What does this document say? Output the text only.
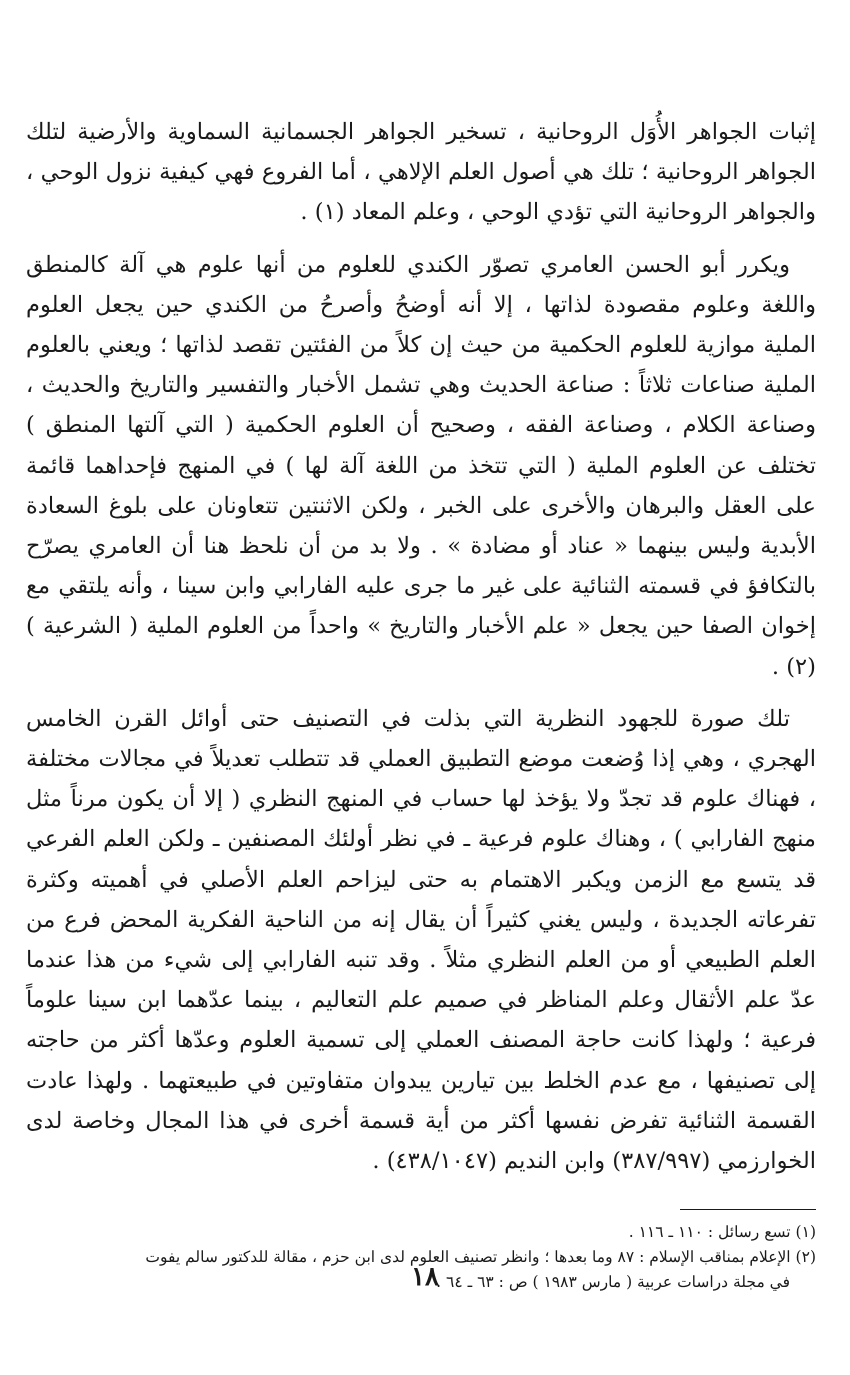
إثبات الجواهر الأُوَل الروحانية ، تسخير الجواهر الجسمانية السماوية والأرضية لتلك الجواهر الروحانية ؛ تلك هي أصول العلم الإلاهي ، أما الفروع فهي كيفية نزول الوحي ، والجواهر الروحانية التي تؤدي الوحي ، وعلم المعاد (١) .

ويكرر أبو الحسن العامري تصوّر الكندي للعلوم من أنها علوم هي آلة كالمنطق واللغة وعلوم مقصودة لذاتها ، إلا أنه أوضحُ وأصرحُ من الكندي حين يجعل العلوم الملية موازية للعلوم الحكمية من حيث إن كلاً من الفئتين تقصد لذاتها ؛ ويعني بالعلوم الملية صناعات ثلاثاً : صناعة الحديث وهي تشمل الأخبار والتفسير والتاريخ والحديث ، وصناعة الكلام ، وصناعة الفقه ، وصحيح أن العلوم الحكمية ( التي آلتها المنطق ) تختلف عن العلوم الملية ( التي تتخذ من اللغة آلة لها ) في المنهج فإحداهما قائمة على العقل والبرهان والأخرى على الخبر ، ولكن الاثنتين تتعاونان على بلوغ السعادة الأبدية وليس بينهما « عناد أو مضادة » . ولا بد من أن نلحظ هنا أن العامري يصرّح بالتكافؤ في قسمته الثنائية على غير ما جرى عليه الفارابي وابن سينا ، وأنه يلتقي مع إخوان الصفا حين يجعل « علم الأخبار والتاريخ » واحداً من العلوم الملية ( الشرعية ) (٢) .

تلك صورة للجهود النظرية التي بذلت في التصنيف حتى أوائل القرن الخامس الهجري ، وهي إذا وُضعت موضع التطبيق العملي قد تتطلب تعديلاً في مجالات مختلفة ، فهناك علوم قد تجدّ ولا يؤخذ لها حساب في المنهج النظري ( إلا أن يكون مرناً مثل منهج الفارابي ) ، وهناك علوم فرعية ـ في نظر أولئك المصنفين ـ ولكن العلم الفرعي قد يتسع مع الزمن ويكبر الاهتمام به حتى ليزاحم العلم الأصلي في أهميته وكثرة تفرعاته الجديدة ، وليس يغني كثيراً أن يقال إنه من الناحية الفكرية المحض فرع من العلم الطبيعي أو من العلم النظري مثلاً . وقد تنبه الفارابي إلى شيء من هذا عندما عدّ علم الأثقال وعلم المناظر في صميم علم التعاليم ، بينما عدّهما ابن سينا علوماً فرعية ؛ ولهذا كانت حاجة المصنف العملي إلى تسمية العلوم وعدّها أكثر من حاجته إلى تصنيفها ، مع عدم الخلط بين تيارين يبدوان متفاوتين في طبيعتهما . ولهذا عادت القسمة الثنائية تفرض نفسها أكثر من أية قسمة أخرى في هذا المجال وخاصة لدى الخوارزمي (٣٨٧/٩٩٧) وابن النديم (٤٣٨/١٠٤٧) .

(١) تسع رسائل : ١١٠ ـ ١١٦ .

(٢) الإعلام بمناقب الإسلام : ٨٧ وما بعدها ؛ وانظر تصنيف العلوم لدى ابن حزم ، مقالة للدكتور سالم يفوت
في مجلة دراسات عربية ( مارس ١٩٨٣ ) ص : ٦٣ ـ ٦٤ .

١٨
